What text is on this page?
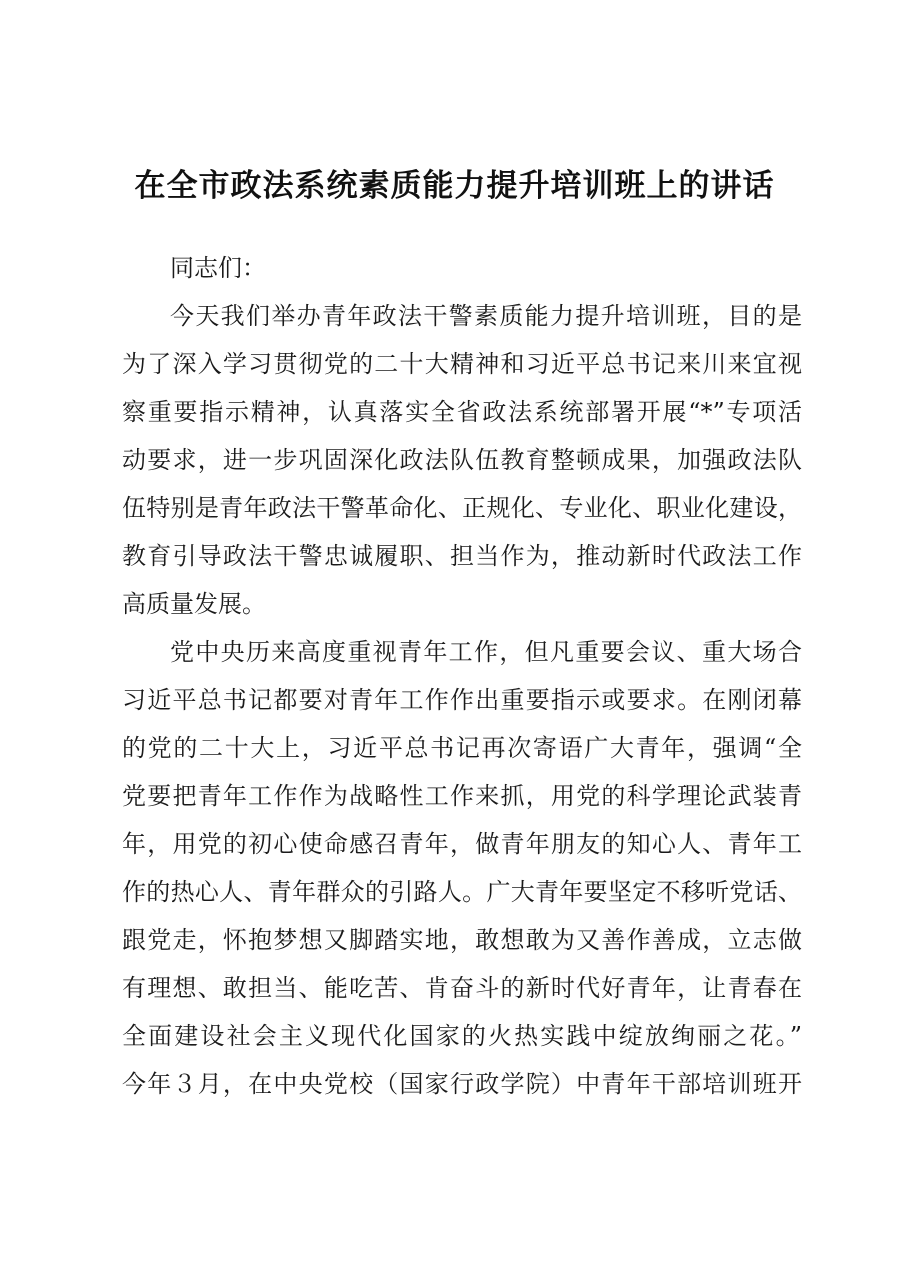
在全市政法系统素质能力提升培训班上的讲话
同志们：
今天我们举办青年政法干警素质能力提升培训班，目的是
为了深入学习贯彻党的二十大精神和习近平总书记来川来宜视
察重要指示精神，认真落实全省政法系统部署开展“*”专项活
动要求，进一步巩固深化政法队伍教育整顿成果，加强政法队
伍特别是青年政法干警革命化、正规化、专业化、职业化建设，
教育引导政法干警忠诚履职、担当作为，推动新时代政法工作
高质量发展。
党中央历来高度重视青年工作，但凡重要会议、重大场合
习近平总书记都要对青年工作作出重要指示或要求。在刚闭幕
的党的二十大上，习近平总书记再次寄语广大青年，强调“全
党要把青年工作作为战略性工作来抓，用党的科学理论武装青
年，用党的初心使命感召青年，做青年朋友的知心人、青年工
作的热心人、青年群众的引路人。广大青年要坚定不移听党话、
跟党走，怀抱梦想又脚踏实地，敢想敢为又善作善成，立志做
有理想、敢担当、能吃苦、肯奋斗的新时代好青年，让青春在
全面建设社会主义现代化国家的火热实践中绽放绚丽之花。”
今年３月，在中央党校（国家行政学院）中青年干部培训班开
